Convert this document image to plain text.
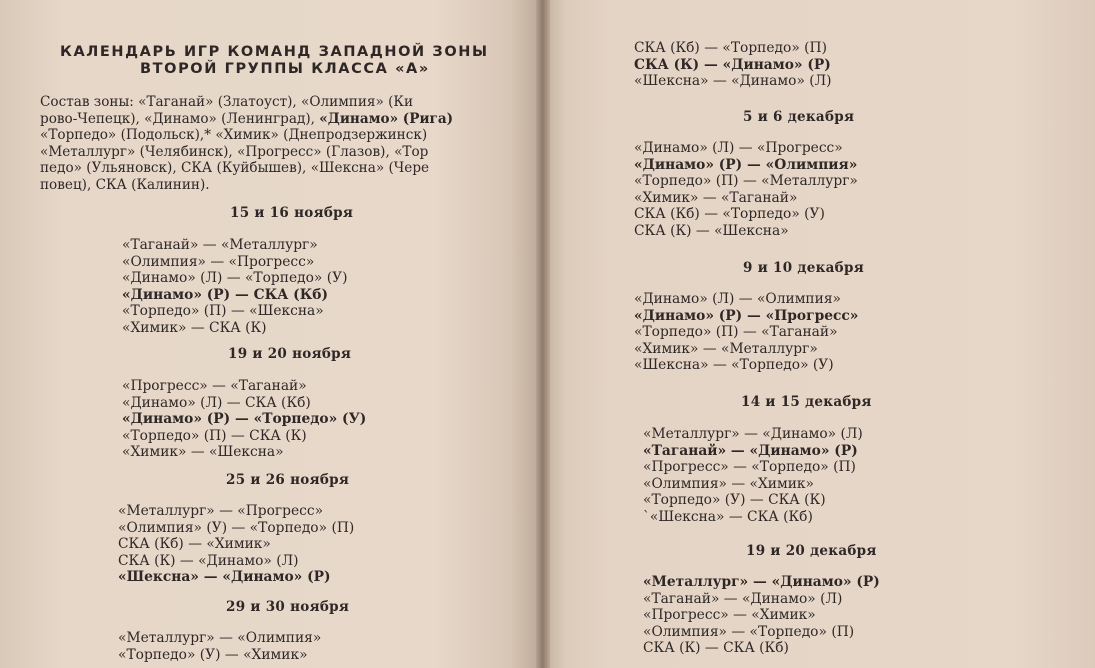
КАЛЕНДАРЬ ИГР КОМАНД ЗАПАДНОЙ ЗОНЫ
ВТОРОЙ ГРУППЫ КЛАССА «А»
Состав зоны: «Таганай» (Златоуст), «Олимпия» (Ки
рово-Чепецк), «Динамо» (Ленинград), «Динамо» (Рига)
«Торпедо» (Подольск),* «Химик» (Днепродзержинск)
«Металлург» (Челябинск), «Прогресс» (Глазов), «Тор
педо» (Ульяновск), СКА (Куйбышев), «Шексна» (Чере
повец), СКА (Калинин).
15 и 16 ноября
«Таганай» — «Металлург»
«Олимпия» — «Прогресс»
«Динамо» (Л) — «Торпедо» (У)
«Динамо» (Р) — СКА (Кб)
«Торпедо» (П) — «Шексна»
«Химик» — СКА (К)
19 и 20 ноября
«Прогресс» — «Таганай»
«Динамо» (Л) — СКА (Кб)
«Динамо» (Р) — «Торпедо» (У)
«Торпедо» (П) — СКА (К)
«Химик» — «Шексна»
25 и 26 ноября
«Металлург» — «Прогресс»
«Олимпия» (У) — «Торпедо» (П)
СКА (Кб) — «Химик»
СКА (К) — «Динамо» (Л)
«Шексна» — «Динамо» (Р)
29 и 30 ноября
«Металлург» — «Олимпия»
«Торпедо» (У) — «Химик»
СКА (Кб) — «Торпедо» (П)
СКА (К) — «Динамо» (Р)
«Шексна» — «Динамо» (Л)
5 и 6 декабря
«Динамо» (Л) — «Прогресс»
«Динамо» (Р) — «Олимпия»
«Торпедо» (П) — «Металлург»
«Химик» — «Таганай»
СКА (Кб) — «Торпедо» (У)
СКА (К) — «Шексна»
9 и 10 декабря
«Динамо» (Л) — «Олимпия»
«Динамо» (Р) — «Прогресс»
«Торпедо» (П) — «Таганай»
«Химик» — «Металлург»
«Шексна» — «Торпедо» (У)
14 и 15 декабря
«Металлург» — «Динамо» (Л)
«Таганай» — «Динамо» (Р)
«Прогресс» — «Торпедо» (П)
«Олимпия» — «Химик»
«Торпедо» (У) — СКА (К)
`«Шексна» — СКА (Кб)
19 и 20 декабря
«Металлург» — «Динамо» (Р)
«Таганай» — «Динамо» (Л)
«Прогресс» — «Химик»
«Олимпия» — «Торпедо» (П)
СКА (К) — СКА (Кб)
